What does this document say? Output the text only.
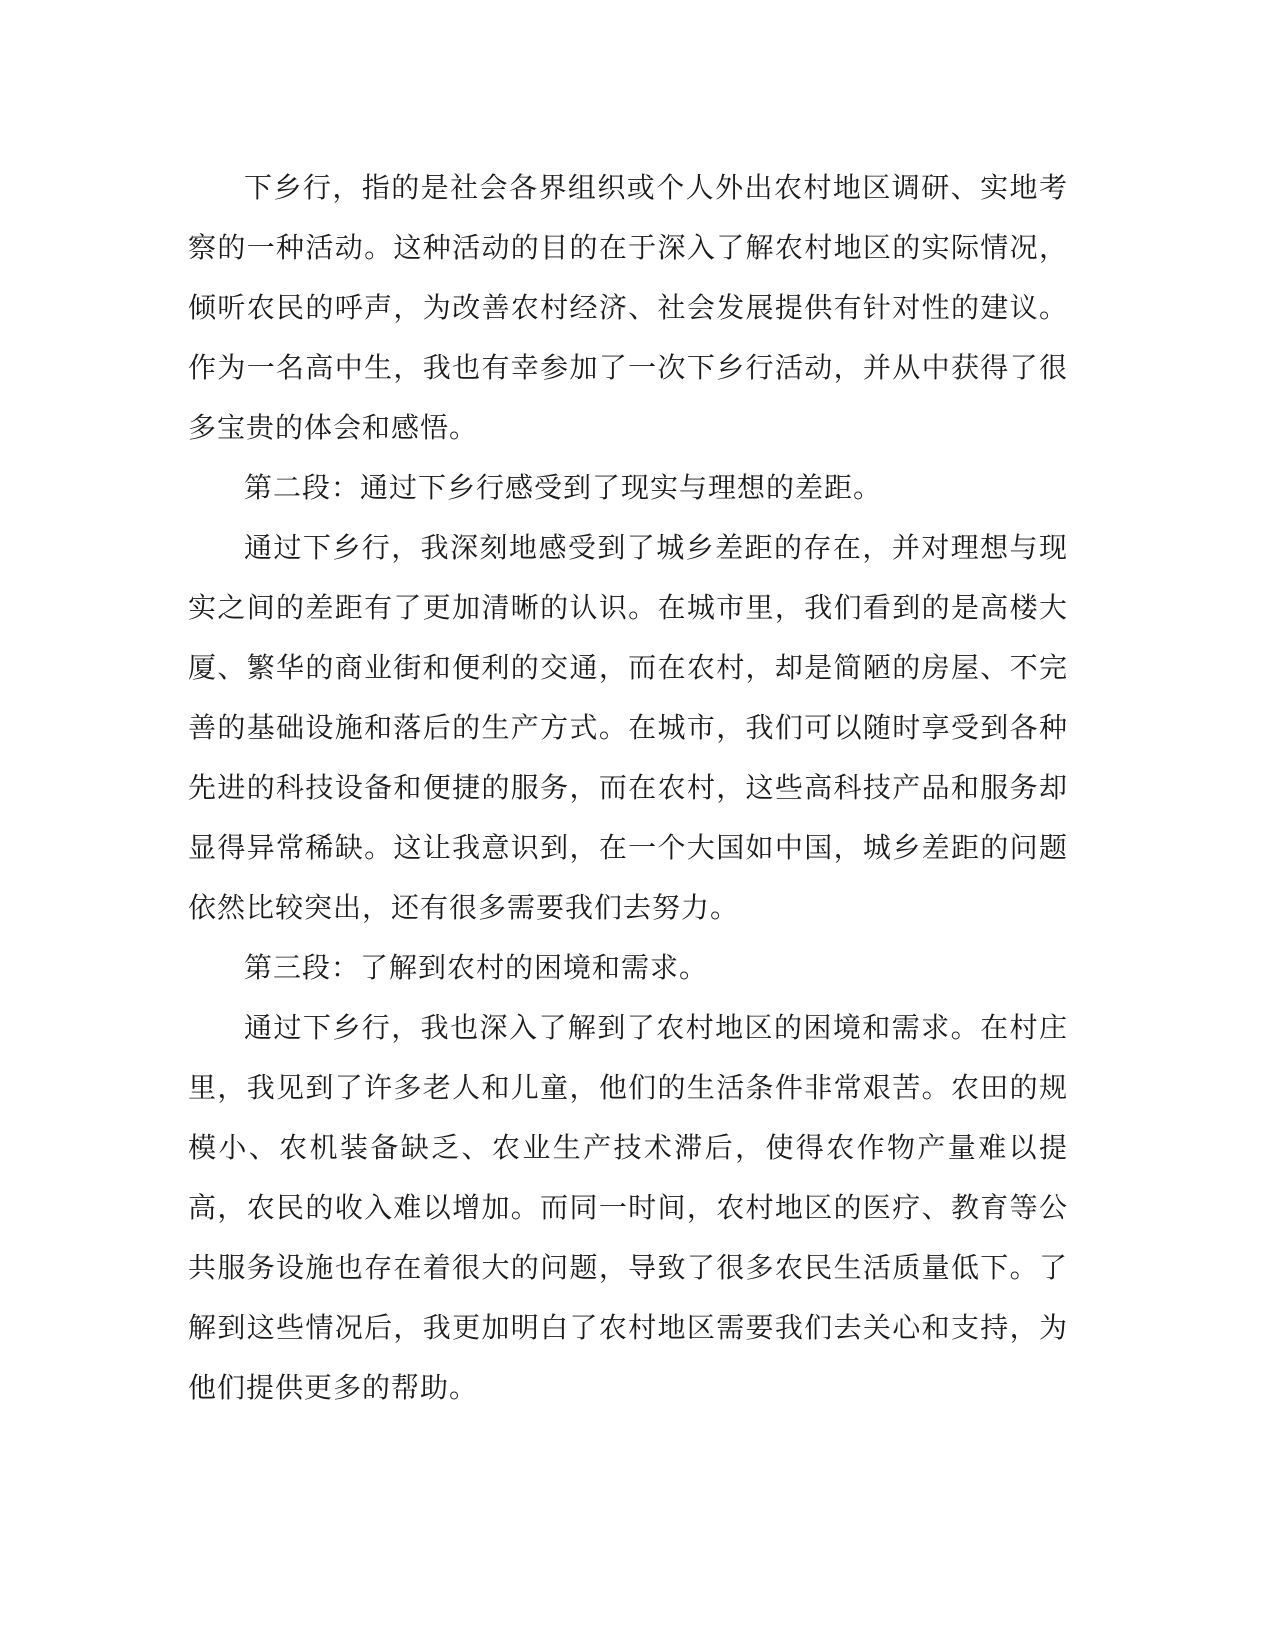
下乡行，指的是社会各界组织或个人外出农村地区调研、实地考察的一种活动。这种活动的目的在于深入了解农村地区的实际情况，倾听农民的呼声，为改善农村经济、社会发展提供有针对性的建议。作为一名高中生，我也有幸参加了一次下乡行活动，并从中获得了很多宝贵的体会和感悟。

第二段：通过下乡行感受到了现实与理想的差距。

通过下乡行，我深刻地感受到了城乡差距的存在，并对理想与现实之间的差距有了更加清晰的认识。在城市里，我们看到的是高楼大厦、繁华的商业街和便利的交通，而在农村，却是简陋的房屋、不完善的基础设施和落后的生产方式。在城市，我们可以随时享受到各种先进的科技设备和便捷的服务，而在农村，这些高科技产品和服务却显得异常稀缺。这让我意识到，在一个大国如中国，城乡差距的问题依然比较突出，还有很多需要我们去努力。

第三段：了解到农村的困境和需求。

通过下乡行，我也深入了解到了农村地区的困境和需求。在村庄里，我见到了许多老人和儿童，他们的生活条件非常艰苦。农田的规模小、农机装备缺乏、农业生产技术滞后，使得农作物产量难以提高，农民的收入难以增加。而同一时间，农村地区的医疗、教育等公共服务设施也存在着很大的问题，导致了很多农民生活质量低下。了解到这些情况后，我更加明白了农村地区需要我们去关心和支持，为他们提供更多的帮助。
